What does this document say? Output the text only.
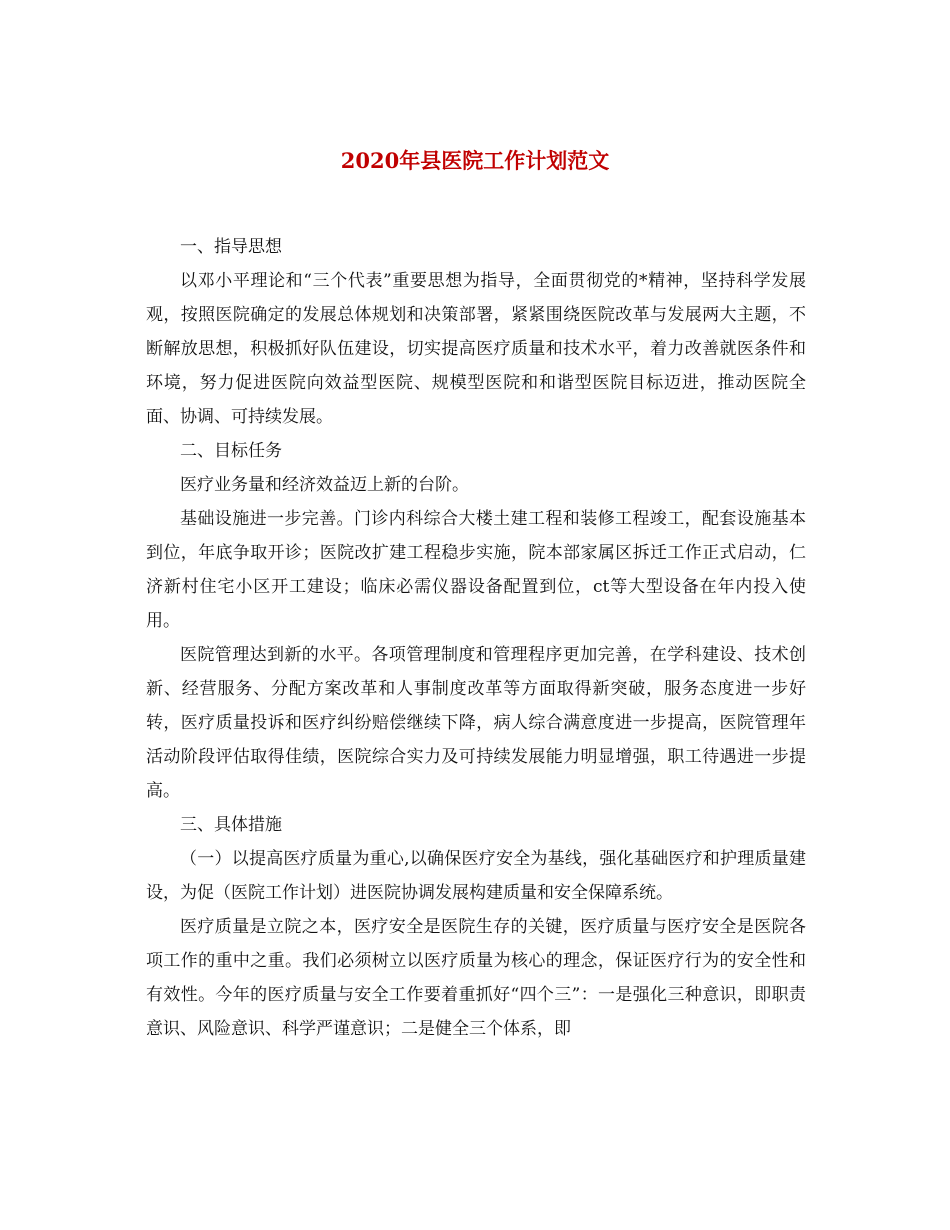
2020年县医院工作计划范文

一、指导思想

以邓小平理论和“三个代表”重要思想为指导，全面贯彻党的*精神，坚持科学发展观，按照医院确定的发展总体规划和决策部署，紧紧围绕医院改革与发展两大主题，不断解放思想，积极抓好队伍建设，切实提高医疗质量和技术水平，着力改善就医条件和环境，努力促进医院向效益型医院、规模型医院和和谐型医院目标迈进，推动医院全面、协调、可持续发展。

二、目标任务

医疗业务量和经济效益迈上新的台阶。

基础设施进一步完善。门诊内科综合大楼土建工程和装修工程竣工，配套设施基本到位，年底争取开诊；医院改扩建工程稳步实施，院本部家属区拆迁工作正式启动，仁济新村住宅小区开工建设；临床必需仪器设备配置到位，ct等大型设备在年内投入使用。

医院管理达到新的水平。各项管理制度和管理程序更加完善，在学科建设、技术创新、经营服务、分配方案改革和人事制度改革等方面取得新突破，服务态度进一步好转，医疗质量投诉和医疗纠纷赔偿继续下降，病人综合满意度进一步提高，医院管理年活动阶段评估取得佳绩，医院综合实力及可持续发展能力明显增强，职工待遇进一步提高。

三、具体措施

（一）以提高医疗质量为重心,以确保医疗安全为基线，强化基础医疗和护理质量建设，为促（医院工作计划）进医院协调发展构建质量和安全保障系统。

医疗质量是立院之本，医疗安全是医院生存的关键，医疗质量与医疗安全是医院各项工作的重中之重。我们必须树立以医疗质量为核心的理念，保证医疗行为的安全性和有效性。今年的医疗质量与安全工作要着重抓好“四个三”：一是强化三种意识，即职责意识、风险意识、科学严谨意识；二是健全三个体系，即
